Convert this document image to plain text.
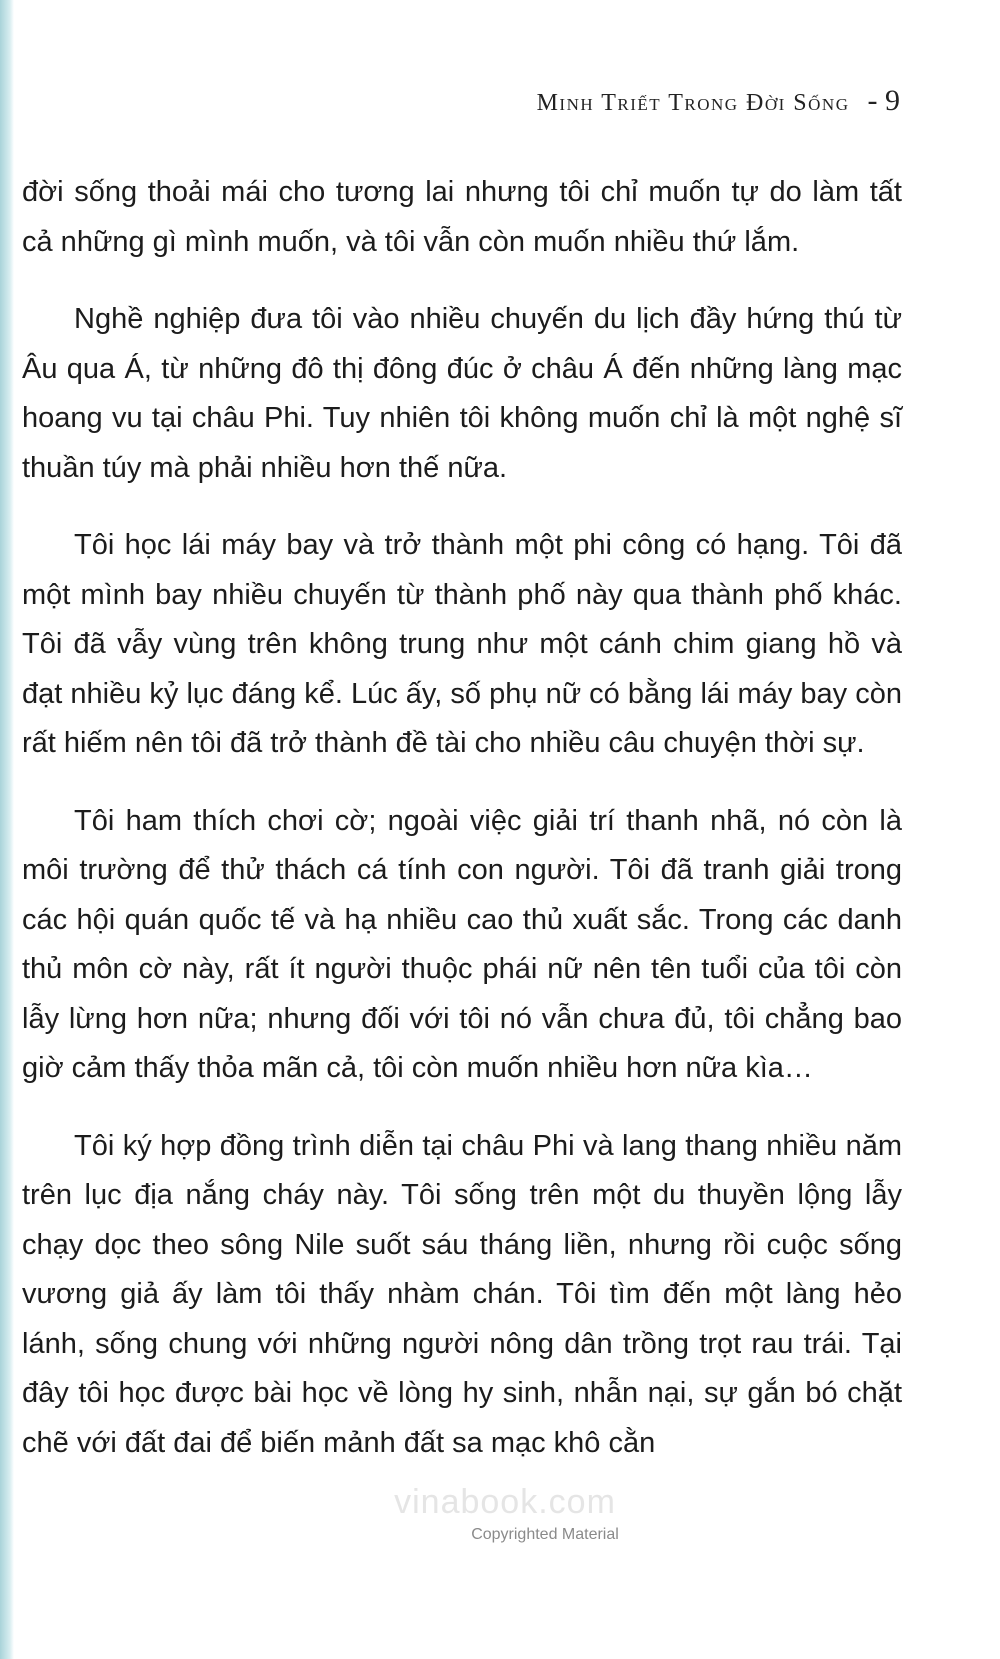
Minh Triết Trong Đời Sống - 9

đời sống thoải mái cho tương lai nhưng tôi chỉ muốn tự do làm tất cả những gì mình muốn, và tôi vẫn còn muốn nhiều thứ lắm.

Nghề nghiệp đưa tôi vào nhiều chuyến du lịch đầy hứng thú từ Âu qua Á, từ những đô thị đông đúc ở châu Á đến những làng mạc hoang vu tại châu Phi. Tuy nhiên tôi không muốn chỉ là một nghệ sĩ thuần túy mà phải nhiều hơn thế nữa.

Tôi học lái máy bay và trở thành một phi công có hạng. Tôi đã một mình bay nhiều chuyến từ thành phố này qua thành phố khác. Tôi đã vẫy vùng trên không trung như một cánh chim giang hồ và đạt nhiều kỷ lục đáng kể. Lúc ấy, số phụ nữ có bằng lái máy bay còn rất hiếm nên tôi đã trở thành đề tài cho nhiều câu chuyện thời sự.

Tôi ham thích chơi cờ; ngoài việc giải trí thanh nhã, nó còn là môi trường để thử thách cá tính con người. Tôi đã tranh giải trong các hội quán quốc tế và hạ nhiều cao thủ xuất sắc. Trong các danh thủ môn cờ này, rất ít người thuộc phái nữ nên tên tuổi của tôi còn lẫy lừng hơn nữa; nhưng đối với tôi nó vẫn chưa đủ, tôi chẳng bao giờ cảm thấy thỏa mãn cả, tôi còn muốn nhiều hơn nữa kìa…

Tôi ký hợp đồng trình diễn tại châu Phi và lang thang nhiều năm trên lục địa nắng cháy này. Tôi sống trên một du thuyền lộng lẫy chạy dọc theo sông Nile suốt sáu tháng liền, nhưng rồi cuộc sống vương giả ấy làm tôi thấy nhàm chán. Tôi tìm đến một làng hẻo lánh, sống chung với những người nông dân trồng trọt rau trái. Tại đây tôi học được bài học về lòng hy sinh, nhẫn nại, sự gắn bó chặt chẽ với đất đai để biến mảnh đất sa mạc khô cằn

vinabook.com
Copyrighted Material
